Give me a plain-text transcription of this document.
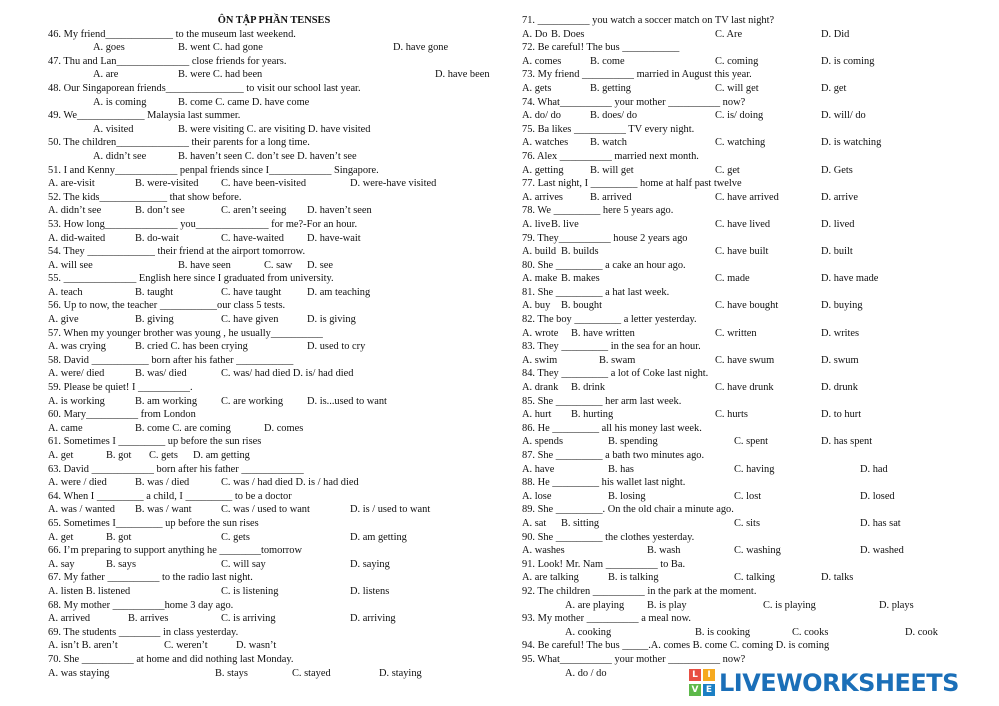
ÔN TẬP PHẦN TENSES
46. My friend_____________ to the museum last weekend.
A. goes	B. went C. had gone	D. have gone
47. Thu and Lan______________ close friends for years.
A. are	B. were C. had been	D. have been
48. Our Singaporean friends_______________ to visit our school last year.
A. is coming	B. come C. came D. have come
49. We_____________ Malaysia last summer.
A. visited	B. were visiting C. are visiting D. have visited
50. The children______________ their parents for a long time.
A. didn’t see	B. haven’t seen C. don’t see D. haven’t see
51. I and Kenny____________ penpal friends since I____________ Singapore.
A. are-visit	B. were-visited C. have been-visited	D. were-have visited
52. The kids_____________ that show before.
A. didn’t see	B. don’t see	C. aren’t seeing D. haven’t seen
53. How long______________ you______________ for me?-For an hour.
A. did-waited	B. do-wait	C. have-waited D. have-wait
54. They _____________ their friend at the airport tomorrow.
A. will see	B. have seen	C. saw D. see
55. ______________ English here since I graduated from university.
A. teach	B. taught	C. have taught D. am teaching
56. Up to now, the teacher ___________our class 5 tests.
A. give	B. giving	C. have given	D. is giving
57. When my younger brother was young , he usually__________
A. was crying	B. cried C. has been crying	D. used to cry
58. David ___________ born after his father ___________
A. were/ died	B. was/ died	C. was/ had died D. is/ had died
59. Please be quiet! I __________.
A. is working	B. am working C. are working D. is...used to want
60. Mary__________ from London
A. came	B. come C. are coming	D. comes
61. Sometimes I _________ up before the sun rises
A. get	B. got C. gets D. am getting
63. David ____________ born after his father ____________
A. were / died	B. was / died	C. was / had died D. is / had died
64. When I _________ a child, I _________ to be a doctor
A. was / wanted B. was / want	C. was / used to want	D. is / used to want
65. Sometimes I_________ up before the sun rises
A. get	B. got	C. gets	D. am getting
66. I’m preparing to support anything he ________tomorrow
A. say	B. says	C. will say	D. saying
67. My father __________ to the radio last night.
A. listen B. listened	C. is listening	D. listens
68. My mother __________home 3 day ago.
A. arrived	B. arrives	C. is arriving	D. arriving
69. The students ________ in class yesterday.
A. isn’t B. aren’t	C. weren’t	D. wasn’t
70. She __________ at home and did nothing last Monday.
A. was staying	B. stays	C. stayed	D. staying
71. __________ you watch a soccer match on TV last night?
A. Do B. Does	C. Are	D. Did
72. Be careful! The bus ___________
A. comes	B. come	C. coming	D. is coming
73. My friend __________ married in August this year.
A. gets	B. getting	C. will get	D. get
74. What__________ your mother __________ now?
A. do/ do	B. does/ do	C. is/ doing	D. will/ do
75. Ba likes __________ TV every night.
A. watches B. watch	C. watching	D. is watching
76. Alex __________ married next month.
A. getting	B. will get	C. get	D. Gets
77. Last night, I _________ home at half past twelve
A. arrives	B. arrived	C. have arrived	D. arrive
78. We _________ here 5 years ago.
A. live B. live	C. have lived	D. lived
79. They__________ house 2 years ago
A. build B. builds	C. have built	D. built
80. She _________ a cake an hour ago.
A. make B. makes	C. made	D. have made
81. She _________ a hat last week.
A. buy B. bought	C. have bought	D. buying
82. The boy _________ a letter yesterday.
A. wrote B. have written	C. written	D. writes
83. They _________ in the sea for an hour.
A. swim	B. swam	C. have swum	D. swum
84. They _________ a lot of Coke last night.
A. drank B. drink	C. have drunk	D. drunk
85. She _________ her arm last week.
A. hurt B. hurting	C. hurts	D. to hurt
86. He _________ all his money last week.
A. spends	B. spending	C. spent	D. has spent
87. She _________ a bath two minutes ago.
A. have	B. has	C. having	D. had
88. He _________ his wallet last night.
A. lose	B. losing	C. lost	D. losed
89. She _________. On the old chair a minute ago.
A. sat B. sitting	C. sits	D. has sat
90. She _________ the clothes yesterday.
A. washes	B. wash	C. washing	D. washed
91. Look! Mr. Nam __________ to Ba.
A. are talking	B. is talking	C. talking	D. talks
92. The children __________ in the park at the moment.
A. are playing B. is play	C. is playing	D. plays
93. My mother __________ a meal now.
A. cooking	B. is cooking	C. cooks	D. cook
94. Be careful! The bus _____.A. comes B. come C. coming D. is coming
95. What__________ your mother __________ now?
A. do / do	L	I
V E LIVEWORKSHEETS
